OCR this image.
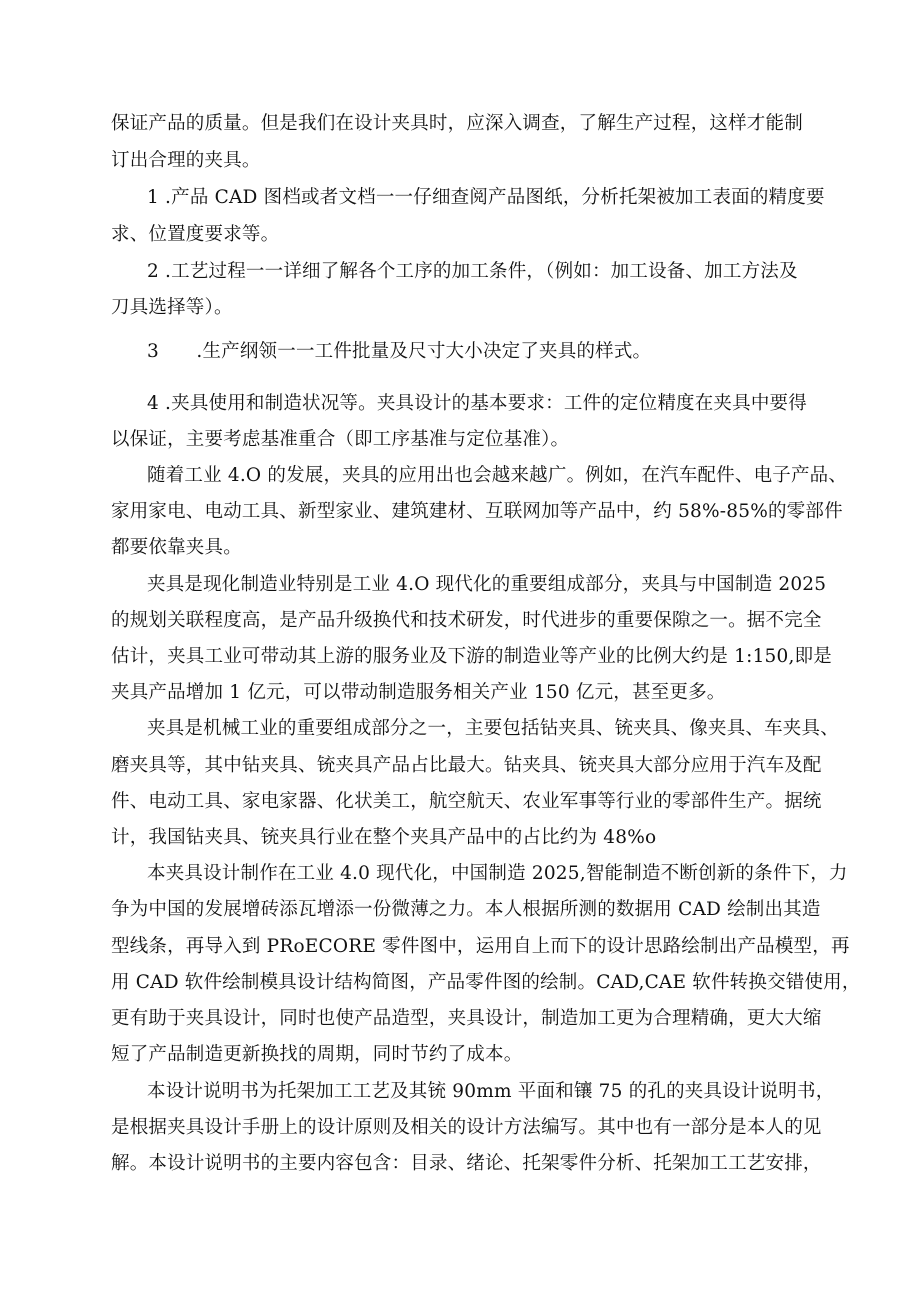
保证产品的质量。但是我们在设计夹具时，应深入调查，了解生产过程，这样才能制
订出合理的夹具。
1 .产品 CAD 图档或者文档一一仔细查阅产品图纸，分析托架被加工表面的精度要
求、位置度要求等。
2 .工艺过程一一详细了解各个工序的加工条件，（例如：加工设备、加工方法及
刀具选择等）。
3　　.生产纲领一一工件批量及尺寸大小决定了夹具的样式。
4 .夹具使用和制造状况等。夹具设计的基本要求：工件的定位精度在夹具中要得
以保证，主要考虑基准重合（即工序基准与定位基准）。
随着工业 4.O 的发展，夹具的应用出也会越来越广。例如，在汽车配件、电子产品、
家用家电、电动工具、新型家业、建筑建材、互联网加等产品中，约 58%-85%的零部件
都要依靠夹具。
夹具是现化制造业特别是工业 4.O 现代化的重要组成部分，夹具与中国制造 2025
的规划关联程度高，是产品升级换代和技术研发，时代进步的重要保隙之一。据不完全
估计，夹具工业可带动其上游的服务业及下游的制造业等产业的比例大约是 1:150,即是
夹具产品增加 1 亿元，可以带动制造服务相关产业 150 亿元，甚至更多。
夹具是机械工业的重要组成部分之一，主要包括钻夹具、铳夹具、像夹具、车夹具、
磨夹具等，其中钻夹具、铳夹具产品占比最大。钻夹具、铳夹具大部分应用于汽车及配
件、电动工具、家电家器、化状美工，航空航天、农业军事等行业的零部件生产。据统
计，我国钻夹具、铳夹具行业在整个夹具产品中的占比约为 48%o
本夹具设计制作在工业 4.0 现代化，中国制造 2025,智能制造不断创新的条件下，力
争为中国的发展增砖添瓦增添一份微薄之力。本人根据所测的数据用 CAD 绘制出其造
型线条，再导入到 PRoECORE 零件图中，运用自上而下的设计思路绘制出产品模型，再
用 CAD 软件绘制模具设计结构简图，产品零件图的绘制。CAD,CAE 软件转换交错使用，
更有助于夹具设计，同时也使产品造型，夹具设计，制造加工更为合理精确，更大大缩
短了产品制造更新换找的周期，同时节约了成本。
本设计说明书为托架加工工艺及其铳 90mm 平面和镶 75 的孔的夹具设计说明书，
是根据夹具设计手册上的设计原则及相关的设计方法编写。其中也有一部分是本人的见
解。本设计说明书的主要内容包含：目录、绪论、托架零件分析、托架加工工艺安排，
